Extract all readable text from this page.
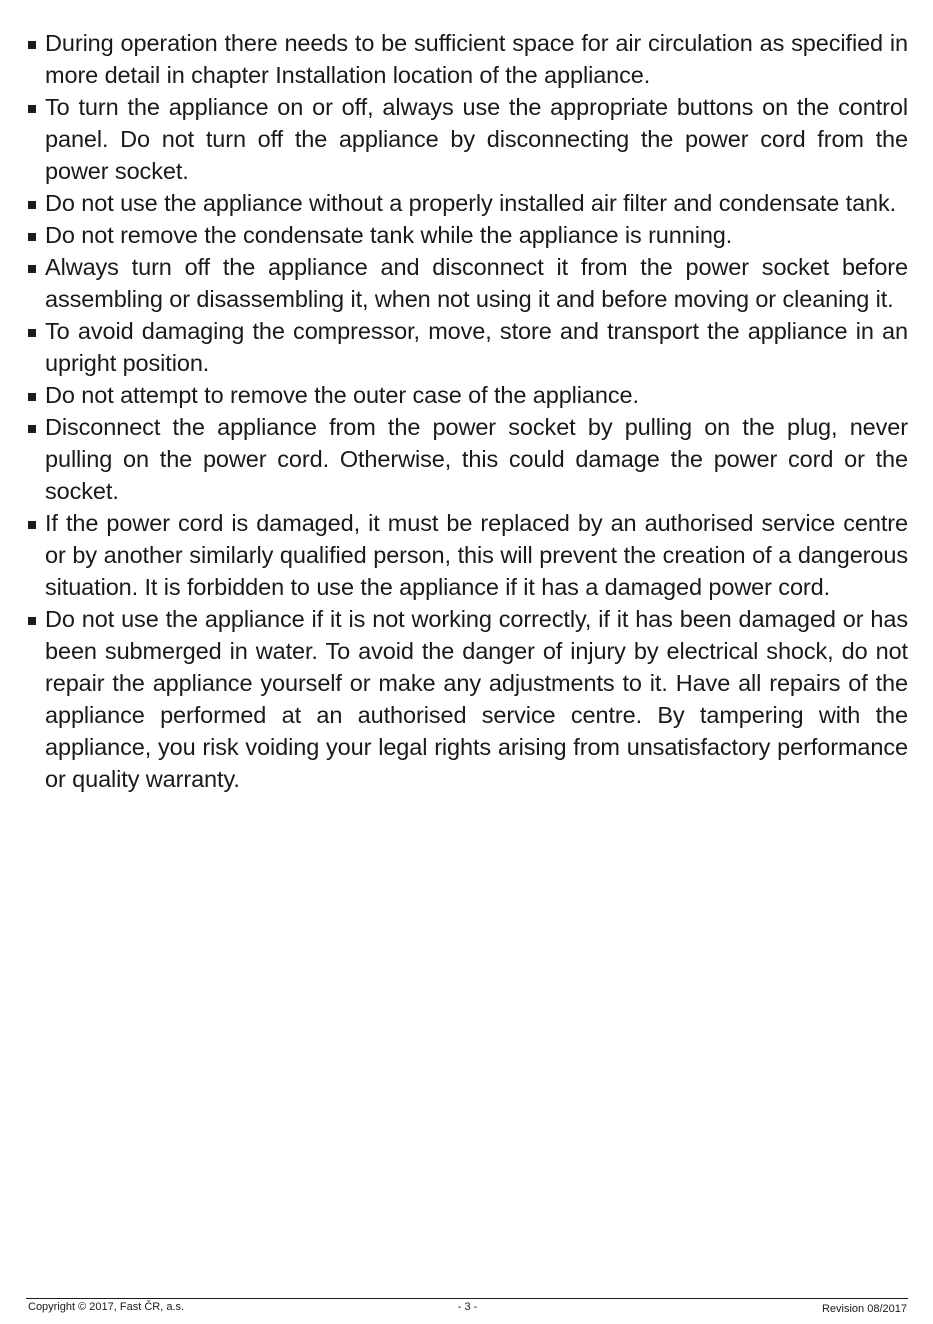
During operation there needs to be sufficient space for air circulation as specified in more detail in chapter Installation location of the appliance.
To turn the appliance on or off, always use the appropriate buttons on the control panel. Do not turn off the appliance by disconnecting the power cord from the power socket.
Do not use the appliance without a properly installed air filter and condensate tank.
Do not remove the condensate tank while the appliance is running.
Always turn off the appliance and disconnect it from the power socket before assembling or disassembling it, when not using it and before moving or cleaning it.
To avoid damaging the compressor, move, store and transport the appliance in an upright position.
Do not attempt to remove the outer case of the appliance.
Disconnect the appliance from the power socket by pulling on the plug, never pulling on the power cord. Otherwise, this could damage the power cord or the socket.
If the power cord is damaged, it must be replaced by an authorised service centre or by another similarly qualified person, this will prevent the creation of a dangerous situation. It is forbidden to use the appliance if it has a damaged power cord.
Do not use the appliance if it is not working correctly, if it has been damaged or has been submerged in water. To avoid the danger of injury by electrical shock, do not repair the appliance yourself or make any adjustments to it. Have all repairs of the appliance performed at an authorised service centre. By tampering with the appliance, you risk voiding your legal rights arising from unsatisfactory performance or quality warranty.
Copyright © 2017, Fast ČR, a.s.	- 3 -	Revision 08/2017
